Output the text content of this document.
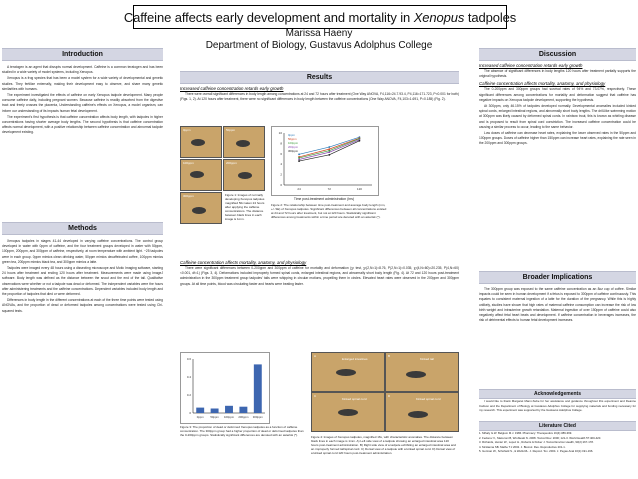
Caffeine affects early development and mortality in Xenopus tadpoles
Marissa Haeny
Department of Biology, Gustavus Adolphus College
Introduction

A teratogen is an agent that disrupts normal development. Caffeine is a common teratogen and has been studied in a wide variety of model systems, including Xenopus.

Xenopus is a frog species that has been a model system for a wide variety of developmental and genetic studies. They fertilize externally, making their development easy to observe, and share many genetic similarities with humans.

The experiment investigated the effects of caffeine on early Xenopus tadpole development. Many people consume caffeine daily, including pregnant women. Because caffeine is readily absorbed from the digestive tract and freely crosses the placenta, Understanding caffeine's effects on Xenopus, a model organism, can inform our understanding of its impacts human fetal development.

The experiment's first hypothesis is that caffeine concentration affects body length, with tadpoles in higher concentrations having shorter average body lengths. The second hypothesis is that caffeine concentration affects normal development, with a positive relationship between caffeine concentration and abnormal tadpole development existing.

Methods

Xenopus tadpoles in stages 41-44 developed in varying caffeine concentrations. The control group developed in water with 0ppm of caffeine, and the four treatment groups developed in water with 50ppm, 100ppm, 200ppm, and 300ppm of caffeine, respectively, at room temperature with ambient light. ~25 tadpoles were in each group. 0ppm mimics clean drinking water, 50ppm mimics decaffeinated coffee, 100ppm mimics green tea, 200ppm mimics black tea, and 300ppm mimics a latte.

Tadpoles were imaged every 48 hours using a dissecting microscope and Motic Imaging software, starting 24 hours after treatment and ending 120 hours after treatment. Measurements were made using ImageJ software. Body length was defined as the distance between the snout and the end of the tail. Qualitative observations were whether or not a tadpole was dead or deformed. The independent variables were the hours after administering treatments and the caffeine concentrations. Dependent variables included body length and the proportion of tadpoles that died or were deformed.

Differences in body length in the different concentrations at each of the three time points were tested using ANOVAs, and the proportion of dead or deformed tadpoles among concentrations were tested using Chi-squared tests.

Results
Increased caffeine concentration retards early growth

There were overall significant differences in body length among concentrations at 24 and 72 hours after treatment (One Way ANOVA, F4,116=24.7.93.4, P4,116=171.723, P<0.001 for both) (Figs. 1, 2). At 120 hours after treatment, there were no significant differences in body length between the caffeine concentrations (One Way ANOVA, F4,103=1.691, P=0.185) (Fig. 2).

0ppm	50ppm
100ppm	200ppm
300ppm	Figure 1: Images of normally developing Xenopus tadpoles magnified 50x taken 24 hours after applying the caffeine concentrations. The distance between black lines in each image is 1mm.
0
2
4
6
8
10
24	72	120
0ppm
50ppm
100ppm
200ppm
300ppm
Time post-treatment administration (hrs)
Figure 2: The relationship between time post-treatment and average body length (mm, +/- SE) of Xenopus tadpoles. Significant differences between all concentrations existed at 24 and 72 hours after treatment, but not at 120 hours. Statistically significant differences among treatments within a time period are denoted with an asterisk (*).
Caffeine concentration affects mortality, anatomy, and physiology

There were significant differences between 0-200ppm and 300ppm of caffeine for mortality and deformation (χ² test, χ²(2,N=1)=8.76, P(2,N=1)=0.035, χ²(4,N=60)=20.235, P(4,N=60)<0.001, df=1) (Figs. 3, 4). Deformations included improperly formed spinal cords, enlarged intestinal regions, and abnormally short body length (Fig. 4). At 72 and 120 hours post-treatment administration in the 300ppm treatment group tadpoles' tails were whipping in circular motions, propelling them in circles. Elevated heart rates were observed in the 200ppm and 300ppm groups. At all time points, blood was circulating faster and hearts were beating faster.

0
0.2
0.4
0.6
0ppm 50ppm 100ppm 200ppm 300ppm
Figure 3: The proportion of dead or deformed Xenopus tadpoles as a function of caffeine concentration. The 300ppm group had a higher proportion of dead or deformed tadpoles than the 0-200ppm groups. Statistically significant differences are denoted with an asterisk (*).
A
Enlarged intestines
B
Kinked tail
C
Kinked spinal cord
D
Kinked spinal cord
Figure 4: Images of Xenopus tadpoles, magnified 16x, with characteristic anomalies. The distance between black lines in each image is 1mm. A) Left side view of a tadpole showing an enlarged intestinal area 120 hours post-treatment administration. B) Right side view of a tadpole exhibiting an enlarged intestinal area and an improperly formed tail/spinal cord. C) Dorsal view of a tadpole with a kinked spinal cord. D) Dorsal view of a kinked spinal cord 120 hours post-treatment administration.
Discussion
Increased caffeine concentration retards early growth

The absence of significant differences in body lengths 120 hours after treatment partially supports the original hypothesis.

Caffeine concentration affects mortality, anatomy, and physiology

The 0-200ppm and 300ppm groups had survival rates of 94% and 73.07%, respectively. These significant differences among concentrations for mortality and deformation suggest that caffeine has negative impacts on Xenopus tadpole development, supporting the hypothesis.

At 300ppm, only 46.15% of tadpoles developed normally. Developmental anomalies included kinked spinal cords, enlarged intestinal regions, and abnormally short body lengths. The drill-like swimming motion at 300ppm was likely caused by deformed spinal cords. In rainbow trout, this is known as whirling disease and is proposed to result from spinal cord constriction. The increased caffeine concentration could be causing a similar process to occur, leading to the same behavior.

Low doses of caffeine can decrease heart rates, explaining the lower observed rates in the 50ppm and 100ppm groups. Doses of caffeine higher than 150ppm can increase heart rates, explaining the rate seen in the 200ppm and 300ppm groups.

Broader Implications

The 300ppm group was exposed to the same caffeine concentration as an 8oz cup of coffee. Similar impacts could be seen in human development if a fetus is exposed to 300ppm of caffeine continuously. This equates to consistent maternal ingestion of a latte for the duration of the pregnancy. While this is highly unlikely, studies have shown that high rates of maternal caffeine consumption can increase the risk of low birth weight and intrauterine growth retardation. Maternal ingestion of over 150ppm of caffeine could also negatively affect fetal heart beats and development. If caffeine concentration in beverages increases, the risk of detrimental effects to human fetal development increases.

Acknowledgements

I would like to thank Margaret Mann-Sube for her assistance and guidance throughout this experiment and Deanne Carlson and the Department of Biology at Gustavus Adolphus College for supplying materials and funding necessary for my research. This experiment was supported by the Gustavus Adolphus College.

Literature Cited
1. Mihaly G.W. Belgium M.J. 1986. Pharmacy: Therapeutics 16(4):389-399.
2. Fedorov V., Mazeroni B, Wrobleski N. 2008. Toxicol Rev. 2000; 121-3. World Health 57:400-420.
3. Richards, Hunter W., Lopez H., Roberts & Kicker J. Toxicol Environ Health, 93(2):167-178.
4. McHanna SB. Mathe T.J 2002. J. Biomol. Res. Reproductive 201-1.
5. Gorman W., Schofield S., & Wells RL. J. Reprod. Tox. 2004. J. Pegas Anal 16(1):191-196.
